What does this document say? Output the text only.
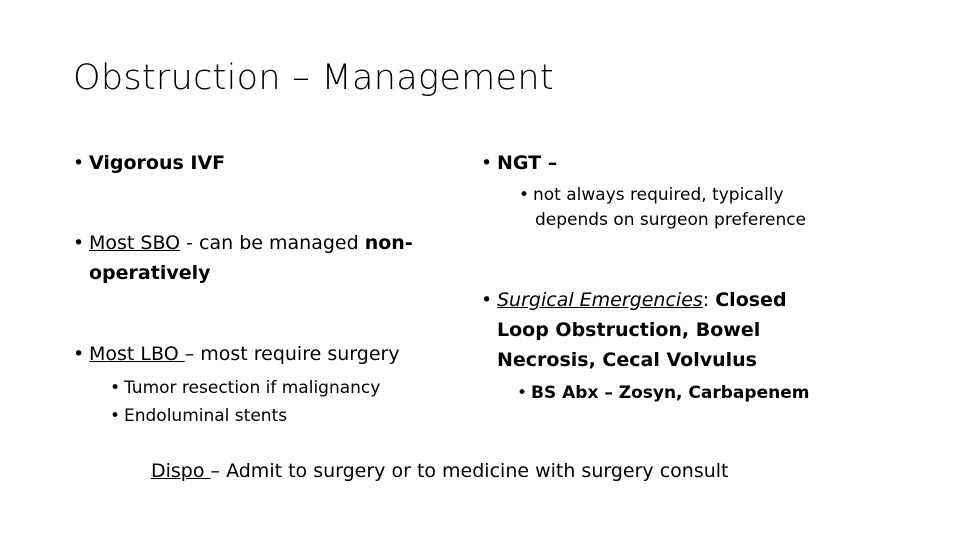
Obstruction – Management
• Vigorous IVF
• Most SBO - can be managed non-
operatively
• Most LBO – most require surgery
• Tumor resection if malignancy
• Endoluminal stents
• NGT –
• not always required, typically
depends on surgeon preference
• Surgical Emergencies: Closed
Loop Obstruction, Bowel
Necrosis, Cecal Volvulus
• BS Abx – Zosyn, Carbapenem
Dispo – Admit to surgery or to medicine with surgery consult
